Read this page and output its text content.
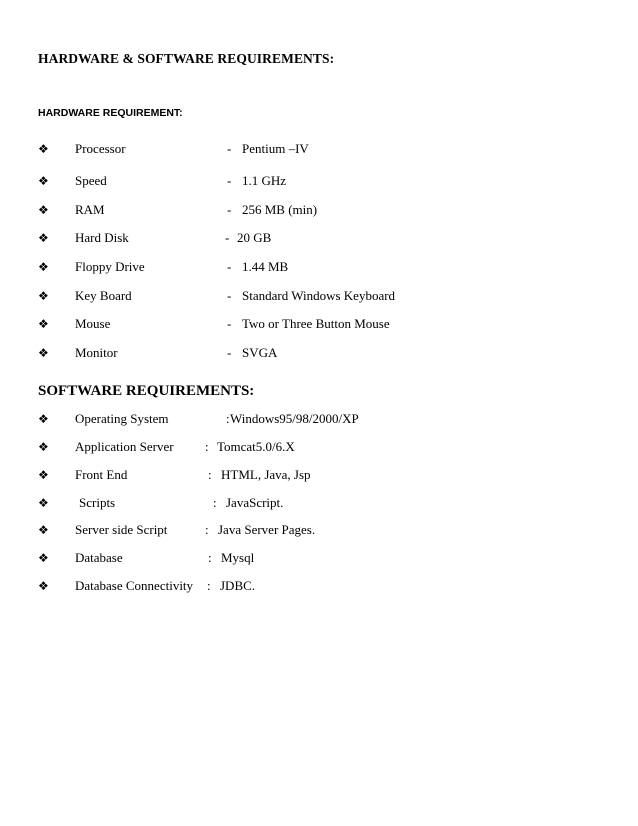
HARDWARE & SOFTWARE REQUIREMENTS:
HARDWARE REQUIREMENT:
❖ Processor	- Pentium –IV
❖ Speed	- 1.1 GHz
❖ RAM	- 256 MB (min)
❖ Hard Disk	- 20 GB
❖ Floppy Drive	- 1.44 MB
❖ Key Board	- Standard Windows Keyboard
❖ Mouse	- Two or Three Button Mouse
❖ Monitor	- SVGA
SOFTWARE REQUIREMENTS:
❖ Operating System	: Windows95/98/2000/XP
❖ Application Server : Tomcat5.0/6.X
❖ Front End	: HTML, Java, Jsp
❖ Scripts	: JavaScript.
❖ Server side Script	: Java Server Pages.
❖ Database	: Mysql
❖ Database Connectivity : JDBC.
